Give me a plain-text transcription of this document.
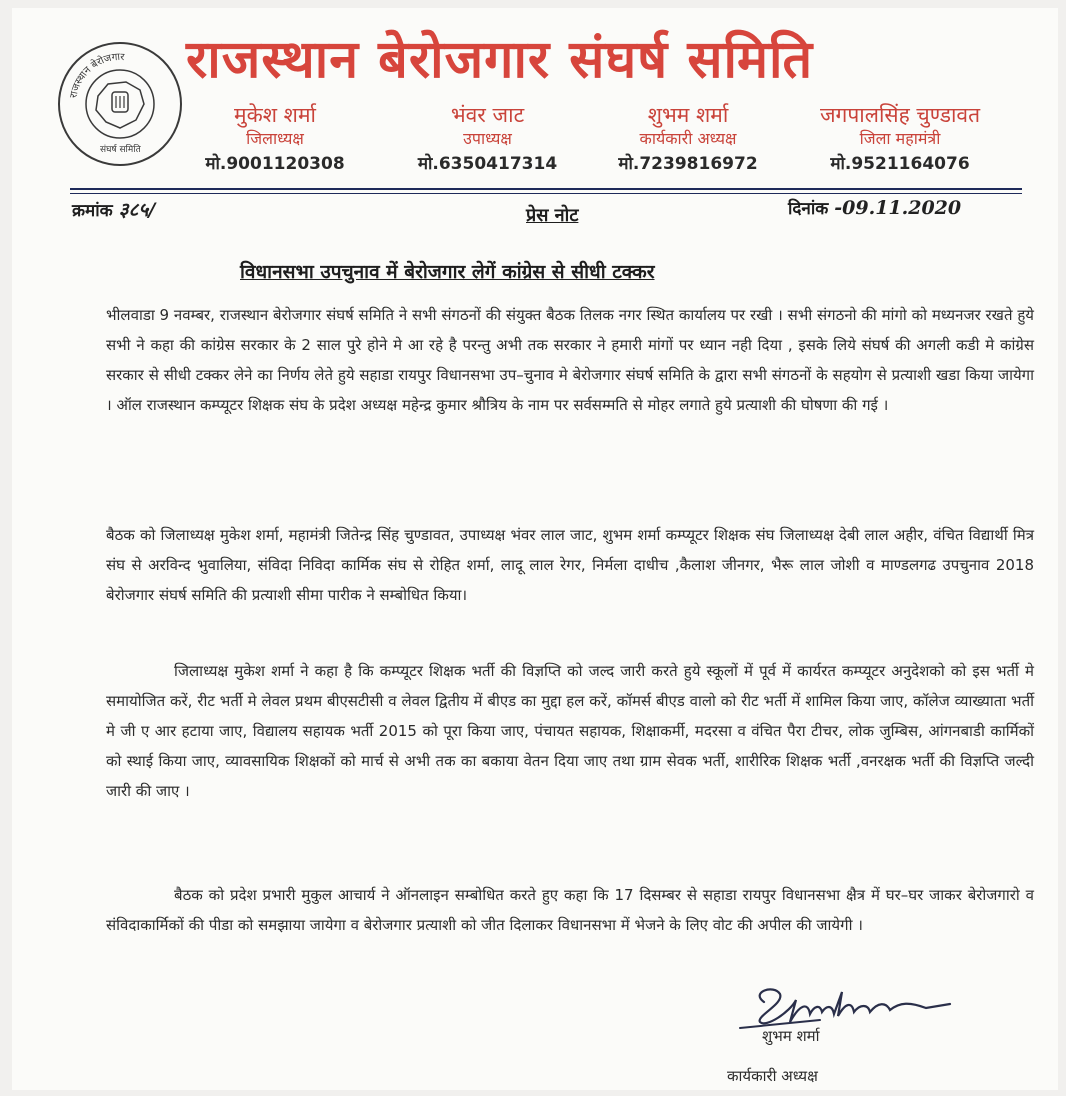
राजस्थान बेरोजगार
संघर्ष समिति
राजस्थान बेरोजगार संघर्ष समिति
मुकेश शर्मा
जिलाध्यक्ष
मो.9001120308
भंवर जाट
उपाध्यक्ष
मो.6350417314
शुभम शर्मा
कार्यकारी अध्यक्ष
मो.7239816972
जगपालसिंह चुण्डावत
जिला महामंत्री
मो.9521164076
क्रमांक ३८५/	प्रेस नोट	दिनांक -09.11.2020
विधानसभा उपचुनाव में बेरोजगार लेगें कांग्रेस से सीधी टक्कर

भीलवाडा 9 नवम्बर, राजस्थान बेरोजगार संघर्ष समिति ने सभी संगठनों की संयुक्त बैठक तिलक नगर स्थित कार्यालय पर रखी । सभी संगठनो की मांगो को मध्यनजर रखते हुये सभी ने कहा की कांग्रेस सरकार के 2 साल पुरे होने मे आ रहे है परन्तु अभी तक सरकार ने हमारी मांगों पर ध्यान नही दिया , इसके लिये संघर्ष की अगली कडी मे कांग्रेस सरकार से सीधी टक्कर लेने का निर्णय लेते हुये सहाडा रायपुर विधानसभा उप–चुनाव मे बेरोजगार संघर्ष समिति के द्वारा सभी संगठनों के सहयोग से प्रत्याशी खडा किया जायेगा । ऑल राजस्थान कम्प्यूटर शिक्षक संघ के प्रदेश अध्यक्ष महेन्द्र कुमार श्रौत्रिय के नाम पर सर्वसम्मति से मोहर लगाते हुये प्रत्याशी की घोषणा की गई ।

बैठक को जिलाध्यक्ष मुकेश शर्मा, महामंत्री जितेन्द्र सिंह चुण्डावत, उपाध्यक्ष भंवर लाल जाट, शुभम शर्मा कम्प्यूटर शिक्षक संघ जिलाध्यक्ष देबी लाल अहीर, वंचित विद्यार्थी मित्र संघ से अरविन्द भुवालिया, संविदा निविदा कार्मिक संघ से रोहित शर्मा, लादू लाल रेगर, निर्मला दाधीच ,कैलाश जीनगर, भैरू लाल जोशी व माण्डलगढ उपचुनाव 2018 बेरोजगार संघर्ष समिति की प्रत्याशी सीमा पारीक ने सम्बोधित किया।

जिलाध्यक्ष मुकेश शर्मा ने कहा है कि कम्प्यूटर शिक्षक भर्ती की विज्ञप्ति को जल्द जारी करते हुये स्कूलों में पूर्व में कार्यरत कम्प्यूटर अनुदेशको को इस भर्ती मे समायोजित करें, रीट भर्ती मे लेवल प्रथम बीएसटीसी व लेवल द्वितीय में बीएड का मुद्दा हल करें, कॉमर्स बीएड वालो को रीट भर्ती में शामिल किया जाए, कॉलेज व्याख्याता भर्ती मे जी ए आर हटाया जाए, विद्यालय सहायक भर्ती 2015 को पूरा किया जाए, पंचायत सहायक, शिक्षाकर्मी, मदरसा व वंचित पैरा टीचर, लोक जुम्बिस, आंगनबाडी कार्मिकों को स्थाई किया जाए, व्यावसायिक शिक्षकों को मार्च से अभी तक का बकाया वेतन दिया जाए तथा ग्राम सेवक भर्ती, शारीरिक शिक्षक भर्ती ,वनरक्षक भर्ती की विज्ञप्ति जल्दी जारी की जाए ।

बैठक को प्रदेश प्रभारी मुकुल आचार्य ने ऑनलाइन सम्बोधित करते हुए कहा कि 17 दिसम्बर से सहाडा रायपुर विधानसभा क्षैत्र में घर–घर जाकर बेरोजगारो व संविदाकार्मिकों की पीडा को समझाया जायेगा व बेरोजगार प्रत्याशी को जीत दिलाकर विधानसभा में भेजने के लिए वोट की अपील की जायेगी ।

शुभम शर्मा
कार्यकारी अध्यक्ष
